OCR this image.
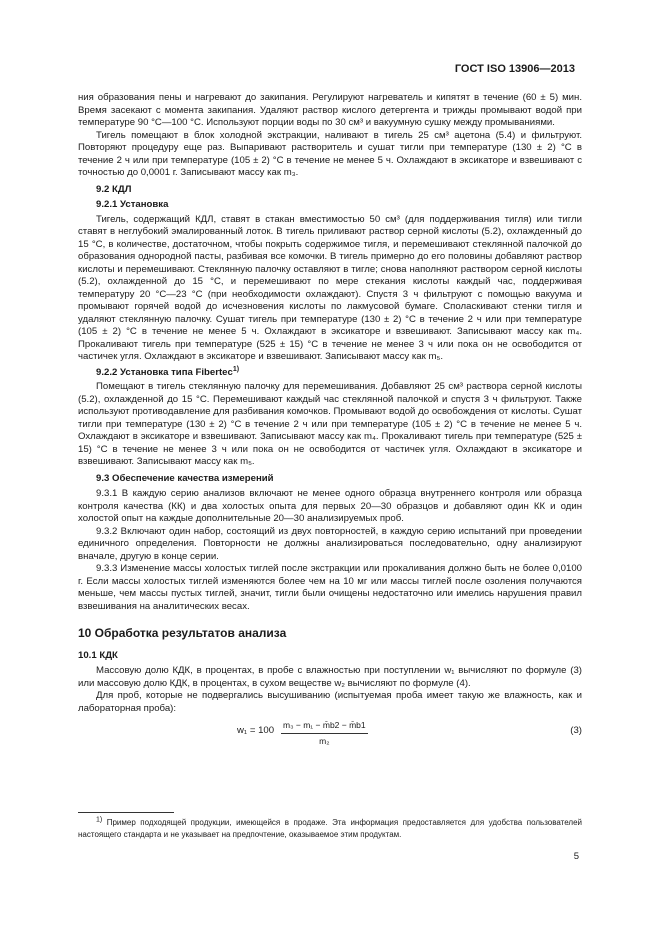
ГОСТ ISO 13906—2013

ния образования пены и нагревают до закипания. Регулируют нагреватель и кипятят в течение (60 ± 5) мин. Время засекают с момента закипания. Удаляют раствор кислого детергента и трижды промывают водой при температуре 90 °С—100 °С. Используют порции воды по 30 см³ и вакуумную сушку между промываниями.

Тигель помещают в блок холодной экстракции, наливают в тигель 25 см³ ацетона (5.4) и фильтруют. Повторяют процедуру еще раз. Выпаривают растворитель и сушат тигли при температуре (130 ± 2) °С в течение 2 ч или при температуре (105 ± 2) °С в течение не менее 5 ч. Охлаждают в эксикаторе и взвешивают с точностью до 0,0001 г. Записывают массу как m₃.

9.2 КДЛ
9.2.1 Установка

Тигель, содержащий КДЛ, ставят в стакан вместимостью 50 см³ (для поддерживания тигля) или тигли ставят в неглубокий эмалированный лоток. В тигель приливают раствор серной кислоты (5.2), охлажденный до 15 °С, в количестве, достаточном, чтобы покрыть содержимое тигля, и перемешивают стеклянной палочкой до образования однородной пасты, разбивая все комочки. В тигель примерно до его половины добавляют раствор кислоты и перемешивают. Стеклянную палочку оставляют в тигле; снова наполняют раствором серной кислоты (5.2), охлажденной до 15 °С, и перемешивают по мере стекания кислоты каждый час, поддерживая температуру 20 °С—23 °С (при необходимости охлаждают). Спустя 3 ч фильтруют с помощью вакуума и промывают горячей водой до исчезновения кислоты по лакмусовой бумаге. Споласкивают стенки тигля и удаляют стеклянную палочку. Сушат тигель при температуре (130 ± 2) °С в течение 2 ч или при температуре (105 ± 2) °С в течение не менее 5 ч. Охлаждают в эксикаторе и взвешивают. Записывают массу как m₄. Прокаливают тигель при температуре (525 ± 15) °С в течение не менее 3 ч или пока он не освободится от частичек угля. Охлаждают в эксикаторе и взвешивают. Записывают массу как m₅.

9.2.2 Установка типа Fibertec$^{1)}$

Помещают в тигель стеклянную палочку для перемешивания. Добавляют 25 см³ раствора серной кислоты (5.2), охлажденной до 15 °С. Перемешивают каждый час стеклянной палочкой и спустя 3 ч фильтруют. Также используют противодавление для разбивания комочков. Промывают водой до освобождения от кислоты. Сушат тигли при температуре (130 ± 2) °С в течение 2 ч или при температуре (105 ± 2) °С в течение не менее 5 ч. Охлаждают в эксикаторе и взвешивают. Записывают массу как m₄. Прокаливают тигель при температуре (525 ± 15) °С в течение не менее 3 ч или пока он не освободится от частичек угля. Охлаждают в эксикаторе и взвешивают. Записывают массу как m₅.

9.3 Обеспечение качества измерений

9.3.1 В каждую серию анализов включают не менее одного образца внутреннего контроля или образца контроля качества (КК) и два холостых опыта для первых 20—30 образцов и добавляют один КК и один холостой опыт на каждые дополнительные 20—30 анализируемых проб.

9.3.2 Включают один набор, состоящий из двух повторностей, в каждую серию испытаний при проведении единичного определения. Повторности не должны анализироваться последовательно, одну анализируют вначале, другую в конце серии.

9.3.3 Изменение массы холостых тиглей после экстракции или прокаливания должно быть не более 0,0100 г. Если массы холостых тиглей изменяются более чем на 10 мг или массы тиглей после озоления получаются меньше, чем массы пустых тиглей, значит, тигли были очищены недостаточно или имелись нарушения правил взвешивания на аналитических весах.

10 Обработка результатов анализа
10.1 КДК

Массовую долю КДК, в процентах, в пробе с влажностью при поступлении w₁ вычисляют по формуле (3) или массовую долю КДК, в процентах, в сухом веществе w₂ вычисляют по формуле (4).

Для проб, которые не подвергались высушиванию (испытуемая проба имеет такую же влажность, как и лабораторная проба):

$w_1 = 100 \frac{\text{m₃ − m₁ − m̄b2 − m̄b1}}{\text{m₂}}$	(3)
$^{1)}$ Пример подходящей продукции, имеющейся в продаже. Эта информация предоставляется для удобства пользователей настоящего стандарта и не указывает на предпочтение, оказываемое этим продуктам.
5
